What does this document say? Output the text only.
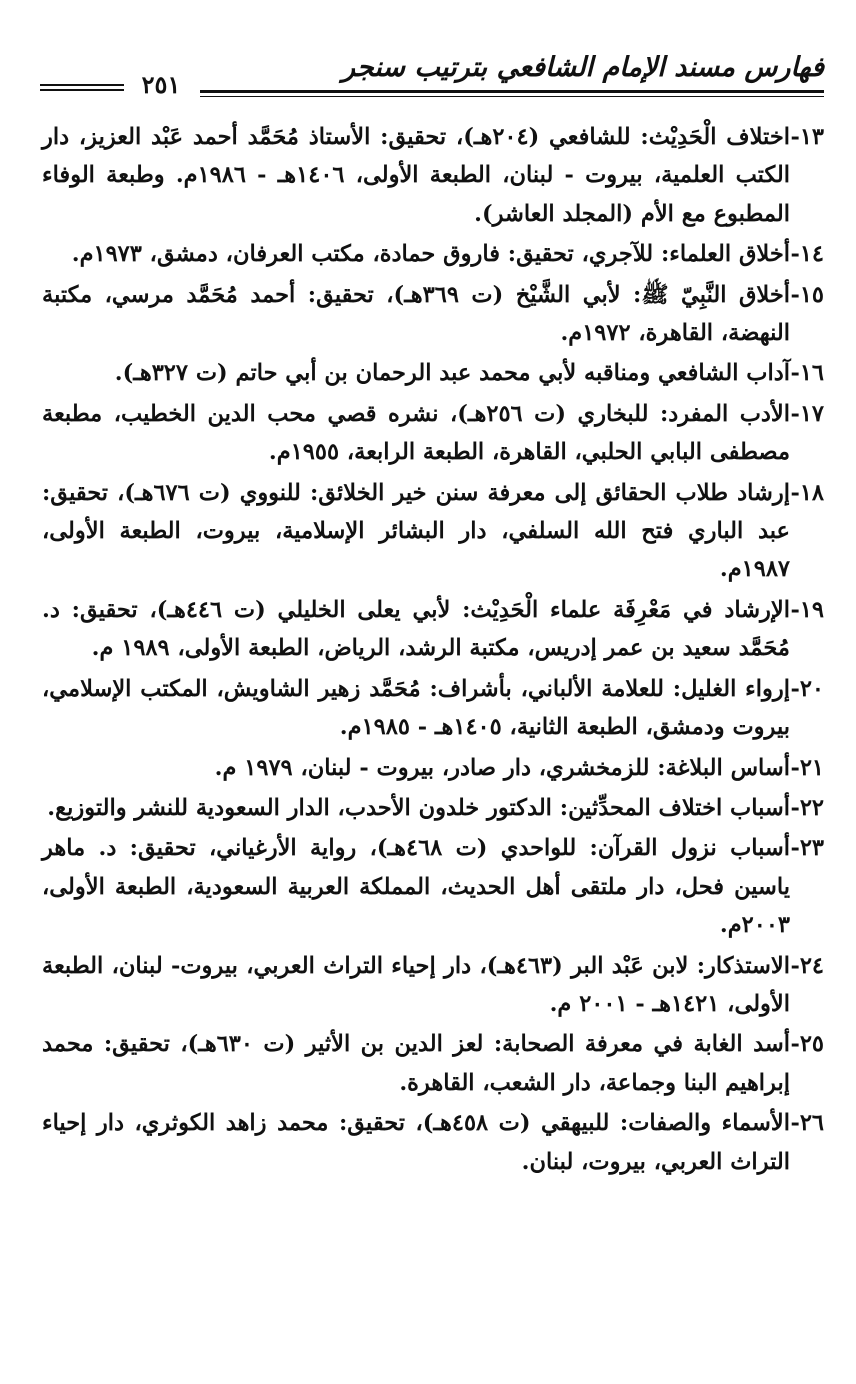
فهارس مسند الإمام الشافعي بترتيب سنجر
٢٥١

١٣-اختلاف الْحَدِيْث: للشافعي (٢٠٤هـ)، تحقيق: الأستاذ مُحَمَّد أحمد عَبْد العزيز، دار الكتب العلمية، بيروت - لبنان، الطبعة الأولى، ١٤٠٦هـ - ١٩٨٦م. وطبعة الوفاء المطبوع مع الأم (المجلد العاشر).

١٤-أخلاق العلماء: للآجري، تحقيق: فاروق حمادة، مكتب العرفان، دمشق، ١٩٧٣م.

١٥-أخلاق النَّبِيّ ﷺ: لأبي الشَّيْخ (ت ٣٦٩هـ)، تحقيق: أحمد مُحَمَّد مرسي، مكتبة النهضة، القاهرة، ١٩٧٢م.

١٦-آداب الشافعي ومناقبه لأبي محمد عبد الرحمان بن أبي حاتم (ت ٣٢٧هـ).

١٧-الأدب المفرد: للبخاري (ت ٢٥٦هـ)، نشره قصي محب الدين الخطيب، مطبعة مصطفى البابي الحلبي، القاهرة، الطبعة الرابعة، ١٩٥٥م.

١٨-إرشاد طلاب الحقائق إلى معرفة سنن خير الخلائق: للنووي (ت ٦٧٦هـ)، تحقيق: عبد الباري فتح الله السلفي، دار البشائر الإسلامية، بيروت، الطبعة الأولى، ١٩٨٧م.

١٩-الإرشاد في مَعْرِفَة علماء الْحَدِيْث: لأبي يعلى الخليلي (ت ٤٤٦هـ)، تحقيق: د. مُحَمَّد سعيد بن عمر إدريس، مكتبة الرشد، الرياض، الطبعة الأولى، ١٩٨٩ م.

٢٠-إرواء الغليل: للعلامة الألباني، بأشراف: مُحَمَّد زهير الشاويش، المكتب الإسلامي، بيروت ودمشق، الطبعة الثانية، ١٤٠٥هـ - ١٩٨٥م.

٢١-أساس البلاغة: للزمخشري، دار صادر، بيروت - لبنان، ١٩٧٩ م.

٢٢-أسباب اختلاف المحدِّثين: الدكتور خلدون الأحدب، الدار السعودية للنشر والتوزيع.

٢٣-أسباب نزول القرآن: للواحدي (ت ٤٦٨هـ)، رواية الأرغياني، تحقيق: د. ماهر ياسين فحل، دار ملتقى أهل الحديث، المملكة العربية السعودية، الطبعة الأولى، ٢٠٠٣م.

٢٤-الاستذكار: لابن عَبْد البر (٤٦٣هـ)، دار إحياء التراث العربي، بيروت- لبنان، الطبعة الأولى، ١٤٢١هـ - ٢٠٠١ م.

٢٥-أسد الغابة في معرفة الصحابة: لعز الدين بن الأثير (ت ٦٣٠هـ)، تحقيق: محمد إبراهيم البنا وجماعة، دار الشعب، القاهرة.

٢٦-الأسماء والصفات: للبيهقي (ت ٤٥٨هـ)، تحقيق: محمد زاهد الكوثري، دار إحياء التراث العربي، بيروت، لبنان.
